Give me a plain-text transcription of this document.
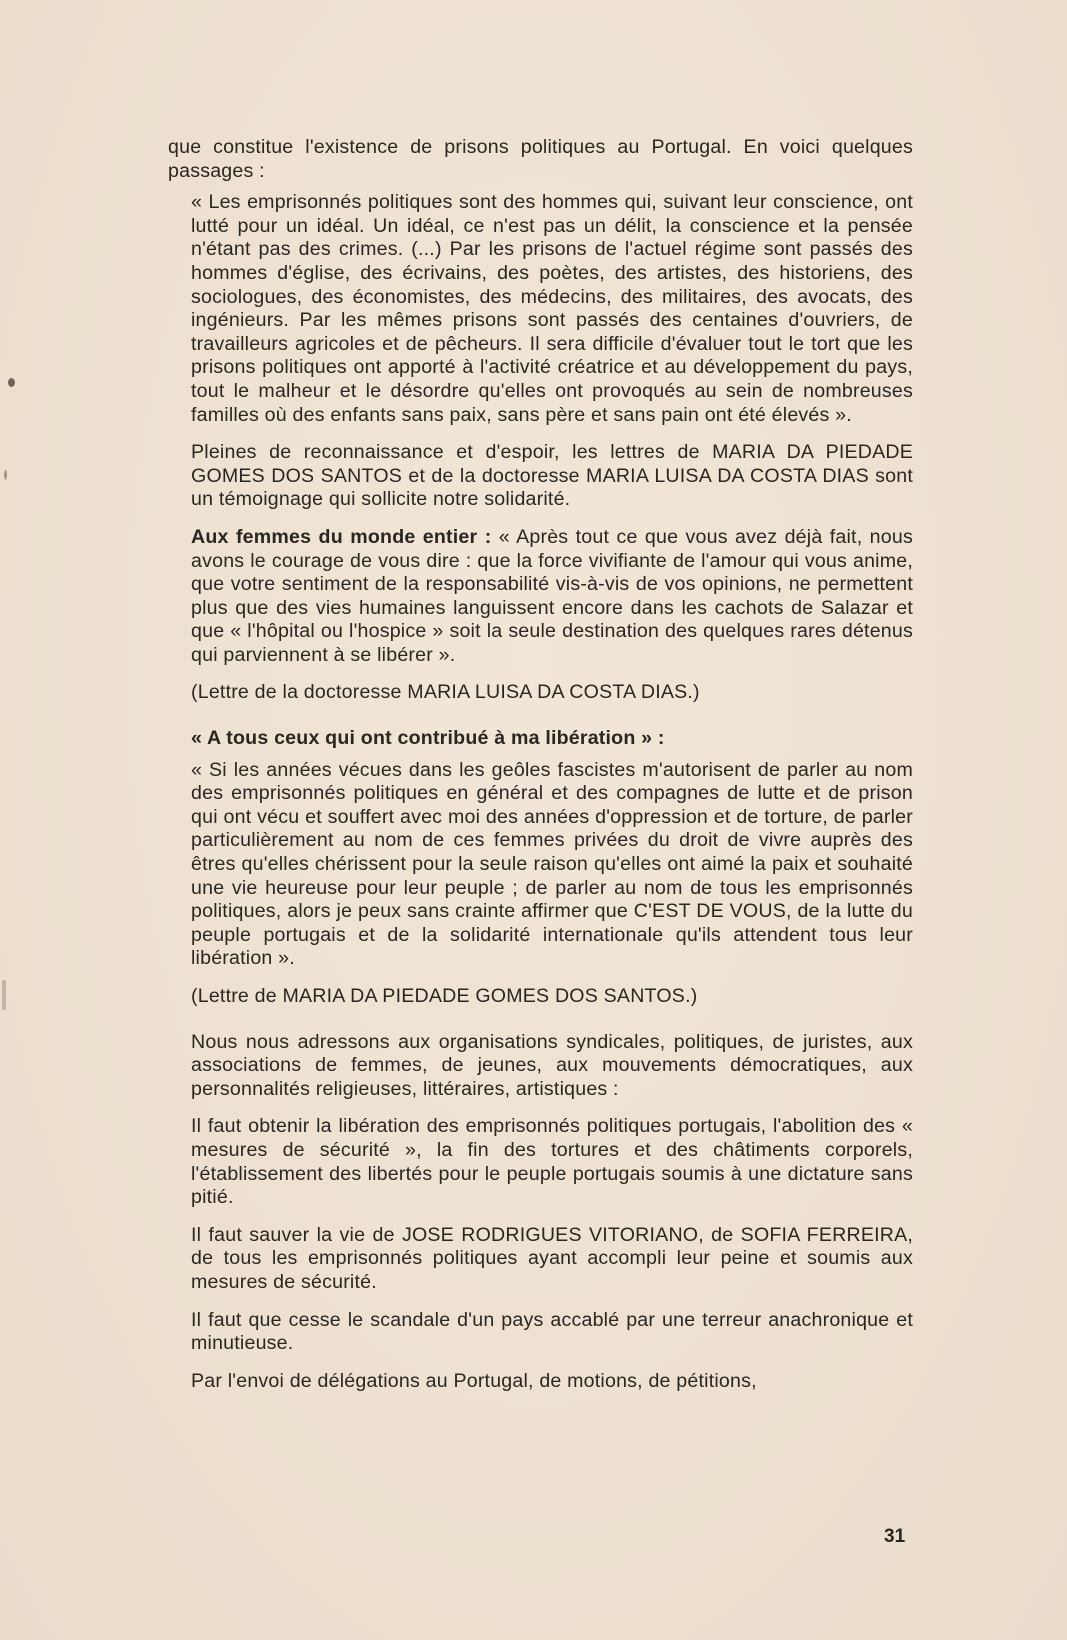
que constitue l'existence de prisons politiques au Portugal. En voici quelques passages :

« Les emprisonnés politiques sont des hommes qui, suivant leur conscience, ont lutté pour un idéal. Un idéal, ce n'est pas un délit, la conscience et la pensée n'étant pas des crimes. (...) Par les prisons de l'actuel régime sont passés des hommes d'église, des écrivains, des poètes, des artistes, des historiens, des sociologues, des économistes, des médecins, des militaires, des avocats, des ingénieurs. Par les mêmes prisons sont passés des centaines d'ouvriers, de travailleurs agricoles et de pêcheurs. Il sera difficile d'évaluer tout le tort que les prisons politiques ont apporté à l'activité créatrice et au développement du pays, tout le malheur et le désordre qu'elles ont provoqués au sein de nombreuses familles où des enfants sans paix, sans père et sans pain ont été élevés ».

Pleines de reconnaissance et d'espoir, les lettres de MARIA DA PIEDADE GOMES DOS SANTOS et de la doctoresse MARIA LUISA DA COSTA DIAS sont un témoignage qui sollicite notre solidarité.

Aux femmes du monde entier : « Après tout ce que vous avez déjà fait, nous avons le courage de vous dire : que la force vivifiante de l'amour qui vous anime, que votre sentiment de la responsabilité vis-à-vis de vos opinions, ne permettent plus que des vies humaines languissent encore dans les cachots de Salazar et que « l'hôpital ou l'hospice » soit la seule destination des quelques rares détenus qui parviennent à se libérer ».

(Lettre de la doctoresse MARIA LUISA DA COSTA DIAS.)

« A tous ceux qui ont contribué à ma libération » :

« Si les années vécues dans les geôles fascistes m'autorisent de parler au nom des emprisonnés politiques en général et des compagnes de lutte et de prison qui ont vécu et souffert avec moi des années d'oppression et de torture, de parler particulièrement au nom de ces femmes privées du droit de vivre auprès des êtres qu'elles chérissent pour la seule raison qu'elles ont aimé la paix et souhaité une vie heureuse pour leur peuple ; de parler au nom de tous les emprisonnés politiques, alors je peux sans crainte affirmer que C'EST DE VOUS, de la lutte du peuple portugais et de la solidarité internationale qu'ils attendent tous leur libération ».

(Lettre de MARIA DA PIEDADE GOMES DOS SANTOS.)

Nous nous adressons aux organisations syndicales, politiques, de juristes, aux associations de femmes, de jeunes, aux mouvements démocratiques, aux personnalités religieuses, littéraires, artistiques :

Il faut obtenir la libération des emprisonnés politiques portugais, l'abolition des « mesures de sécurité », la fin des tortures et des châtiments corporels, l'établissement des libertés pour le peuple portugais soumis à une dictature sans pitié.

Il faut sauver la vie de JOSE RODRIGUES VITORIANO, de SOFIA FERREIRA, de tous les emprisonnés politiques ayant accompli leur peine et soumis aux mesures de sécurité.

Il faut que cesse le scandale d'un pays accablé par une terreur anachronique et minutieuse.

Par l'envoi de délégations au Portugal, de motions, de pétitions,

31
